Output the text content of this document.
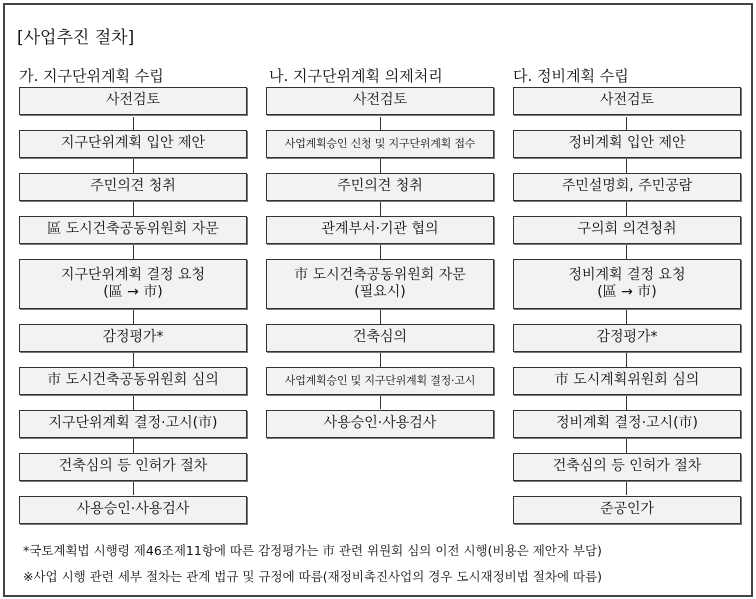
[사업추진 절차]
가. 지구단위계획 수립	나. 지구단위계획 의제처리	다. 정비계획 수립
사전검토
지구단위계획 입안 제안
주민의견 청취
區 도시건축공동위원회 자문
지구단위계획 결정 요청
(區 → 市)
감정평가*
市 도시건축공동위원회 심의
지구단위계획 결정·고시(市)
건축심의 등 인허가 절차
사용승인·사용검사
사전검토
사업계획승인 신청 및 지구단위계획 접수
주민의견 청취
관계부서·기관 협의
市 도시건축공동위원회 자문
(필요시)
건축심의
사업계획승인 및 지구단위계획 결정·고시
사용승인·사용검사
사전검토
정비계획 입안 제안
주민설명회, 주민공람
구의회 의견청취
정비계획 결정 요청
(區 → 市)
감정평가*
市 도시계획위원회 심의
정비계획 결정·고시(市)
건축심의 등 인허가 절차
준공인가
*국토계획법 시행령 제46조제11항에 따른 감정평가는 市 관련 위원회 심의 이전 시행(비용은 제안자 부담)
※사업 시행 관련 세부 절차는 관계 법규 및 규정에 따름(재정비촉진사업의 경우 도시재정비법 절차에 따름)
